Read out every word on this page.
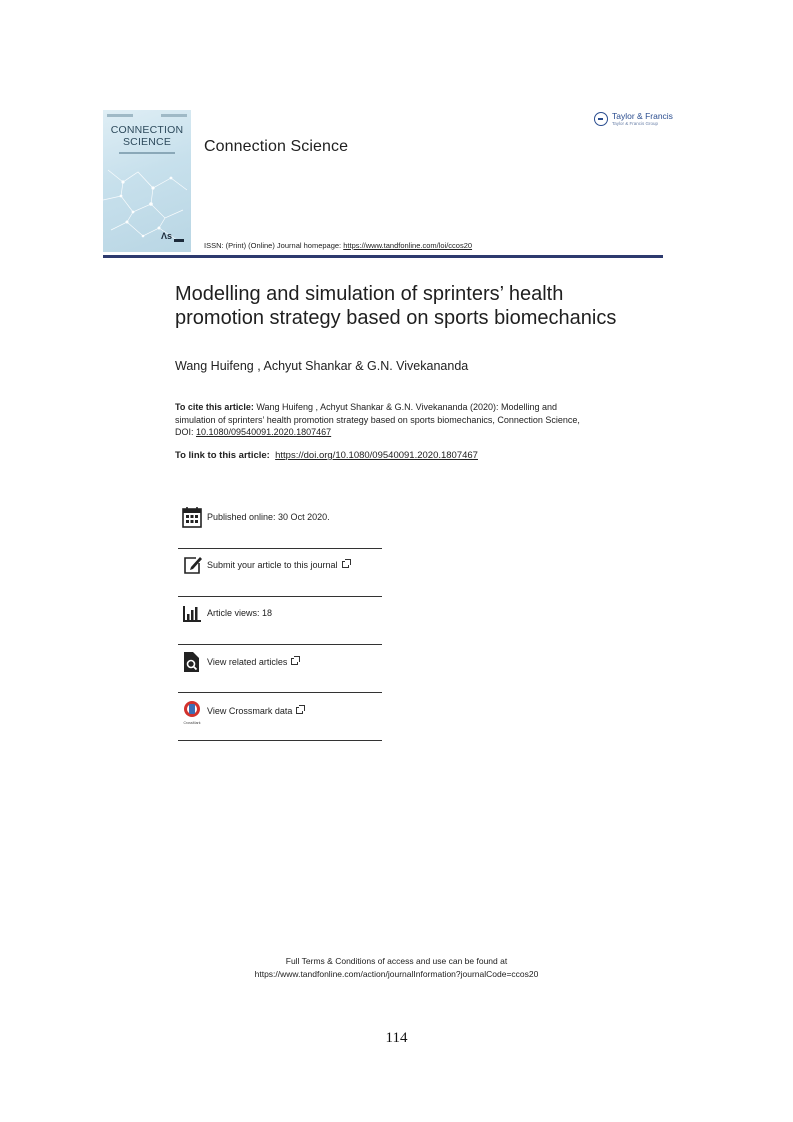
CONNECTION
SCIENCE
Λs
Connection Science
Taylor & Francis
Taylor & Francis Group
ISSN: (Print) (Online) Journal homepage: https://www.tandfonline.com/loi/ccos20
Modelling and simulation of sprinters’ health promotion strategy based on sports biomechanics
Wang Huifeng , Achyut Shankar & G.N. Vivekananda
To cite this article: Wang Huifeng , Achyut Shankar & G.N. Vivekananda (2020): Modelling and simulation of sprinters’ health promotion strategy based on sports biomechanics, Connection Science, DOI: 10.1080/09540091.2020.1807467
To link to this article:  https://doi.org/10.1080/09540091.2020.1807467
Published online: 30 Oct 2020.
Submit your article to this journal
Article views: 18
View related articles
CrossMark
View Crossmark data
Full Terms & Conditions of access and use can be found at
https://www.tandfonline.com/action/journalInformation?journalCode=ccos20
114
